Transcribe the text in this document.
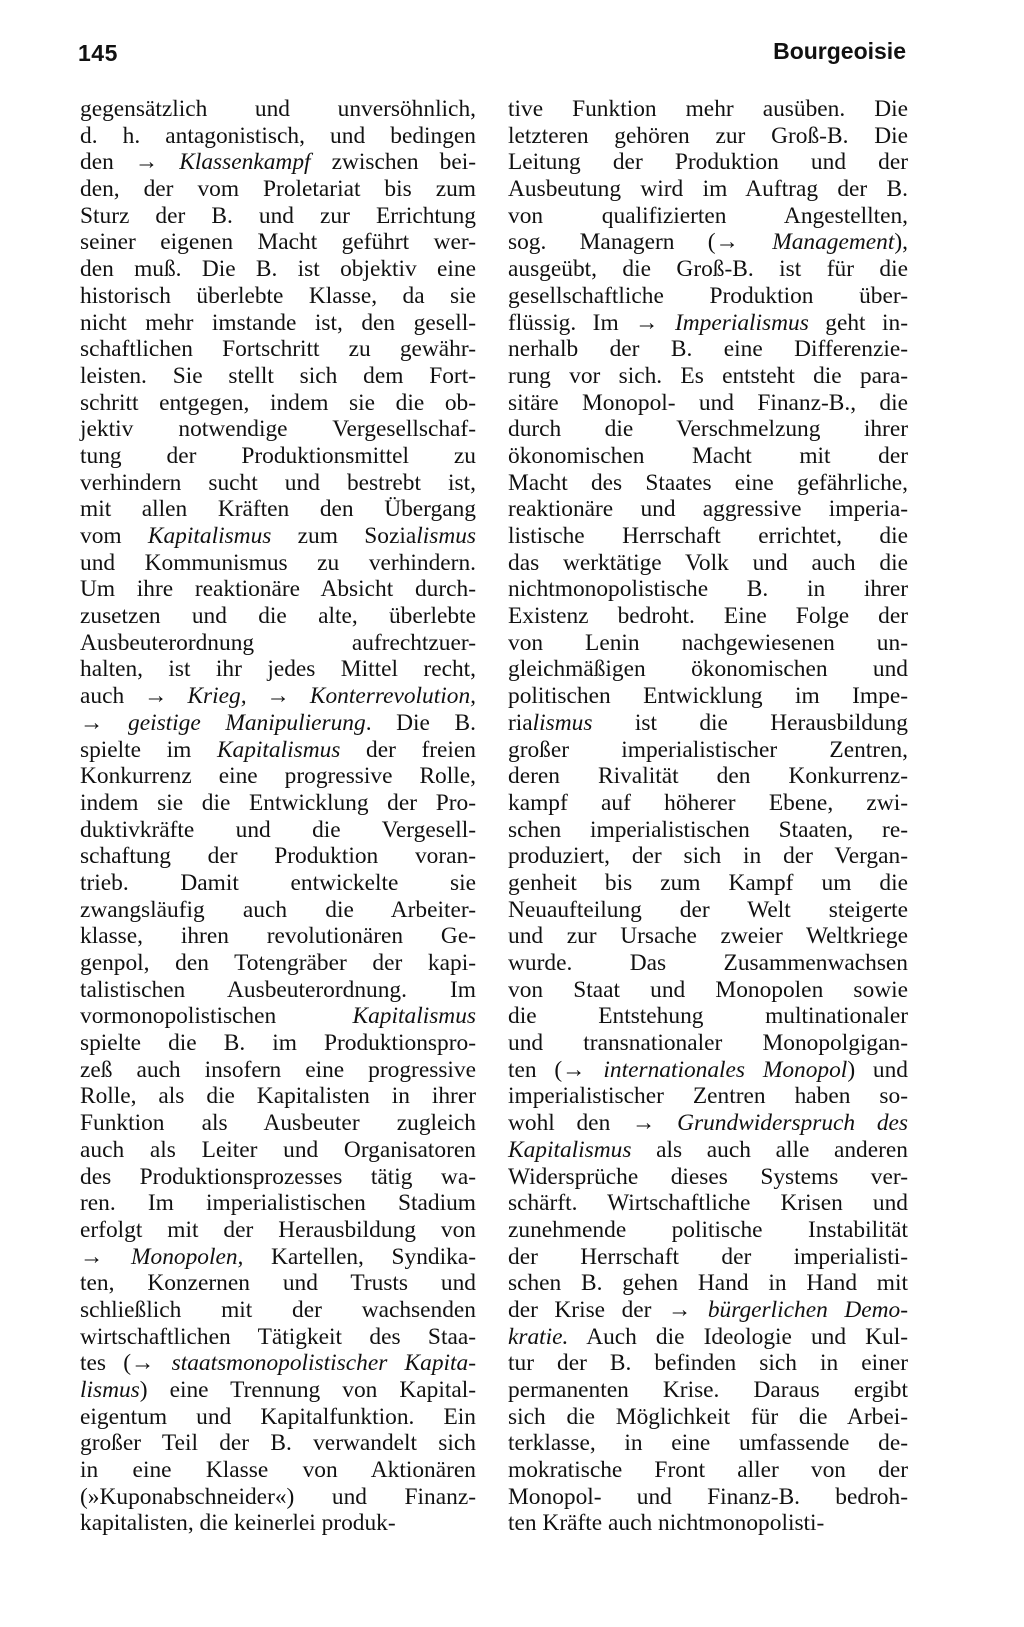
145	Bourgeoisie
gegensätzlich und unversöhnlich,
d. h. antagonistisch, und bedingen
den → Klassenkampf zwischen bei-
den, der vom Proletariat bis zum
Sturz der B. und zur Errichtung
seiner eigenen Macht geführt wer-
den muß. Die B. ist objektiv eine
historisch überlebte Klasse, da sie
nicht mehr imstande ist, den gesell-
schaftlichen Fortschritt zu gewähr-
leisten. Sie stellt sich dem Fort-
schritt entgegen, indem sie die ob-
jektiv notwendige Vergesellschaf-
tung der Produktionsmittel zu
verhindern sucht und bestrebt ist,
mit allen Kräften den Übergang
vom Kapitalismus zum Sozialismus
und Kommunismus zu verhindern.
Um ihre reaktionäre Absicht durch-
zusetzen und die alte, überlebte
Ausbeuterordnung aufrechtzuer-
halten, ist ihr jedes Mittel recht,
auch → Krieg, → Konterrevolution,
→ geistige Manipulierung. Die B.
spielte im Kapitalismus der freien
Konkurrenz eine progressive Rolle,
indem sie die Entwicklung der Pro-
duktivkräfte und die Vergesell-
schaftung der Produktion voran-
trieb. Damit entwickelte sie
zwangsläufig auch die Arbeiter-
klasse, ihren revolutionären Ge-
genpol, den Totengräber der kapi-
talistischen Ausbeuterordnung. Im
vormonopolistischen Kapitalismus
spielte die B. im Produktionspro-
zeß auch insofern eine progressive
Rolle, als die Kapitalisten in ihrer
Funktion als Ausbeuter zugleich
auch als Leiter und Organisatoren
des Produktionsprozesses tätig wa-
ren. Im imperialistischen Stadium
erfolgt mit der Herausbildung von
→ Monopolen, Kartellen, Syndika-
ten, Konzernen und Trusts und
schließlich mit der wachsenden
wirtschaftlichen Tätigkeit des Staa-
tes (→ staatsmonopolistischer Kapita-
lismus) eine Trennung von Kapital-
eigentum und Kapitalfunktion. Ein
großer Teil der B. verwandelt sich
in eine Klasse von Aktionären
(»Kuponabschneider«) und Finanz-
kapitalisten, die keinerlei produk-
tive Funktion mehr ausüben. Die
letzteren gehören zur Groß-B. Die
Leitung der Produktion und der
Ausbeutung wird im Auftrag der B.
von qualifizierten Angestellten,
sog. Managern (→ Management),
ausgeübt, die Groß-B. ist für die
gesellschaftliche Produktion über-
flüssig. Im → Imperialismus geht in-
nerhalb der B. eine Differenzie-
rung vor sich. Es entsteht die para-
sitäre Monopol- und Finanz-B., die
durch die Verschmelzung ihrer
ökonomischen Macht mit der
Macht des Staates eine gefährliche,
reaktionäre und aggressive imperia-
listische Herrschaft errichtet, die
das werktätige Volk und auch die
nichtmonopolistische B. in ihrer
Existenz bedroht. Eine Folge der
von Lenin nachgewiesenen un-
gleichmäßigen ökonomischen und
politischen Entwicklung im Impe-
rialismus ist die Herausbildung
großer imperialistischer Zentren,
deren Rivalität den Konkurrenz-
kampf auf höherer Ebene, zwi-
schen imperialistischen Staaten, re-
produziert, der sich in der Vergan-
genheit bis zum Kampf um die
Neuaufteilung der Welt steigerte
und zur Ursache zweier Weltkriege
wurde. Das Zusammenwachsen
von Staat und Monopolen sowie
die Entstehung multinationaler
und transnationaler Monopolgigan-
ten (→ internationales Monopol) und
imperialistischer Zentren haben so-
wohl den → Grundwiderspruch des
Kapitalismus als auch alle anderen
Widersprüche dieses Systems ver-
schärft. Wirtschaftliche Krisen und
zunehmende politische Instabilität
der Herrschaft der imperialisti-
schen B. gehen Hand in Hand mit
der Krise der → bürgerlichen Demo-
kratie. Auch die Ideologie und Kul-
tur der B. befinden sich in einer
permanenten Krise. Daraus ergibt
sich die Möglichkeit für die Arbei-
terklasse, in eine umfassende de-
mokratische Front aller von der
Monopol- und Finanz-B. bedroh-
ten Kräfte auch nichtmonopolisti-
